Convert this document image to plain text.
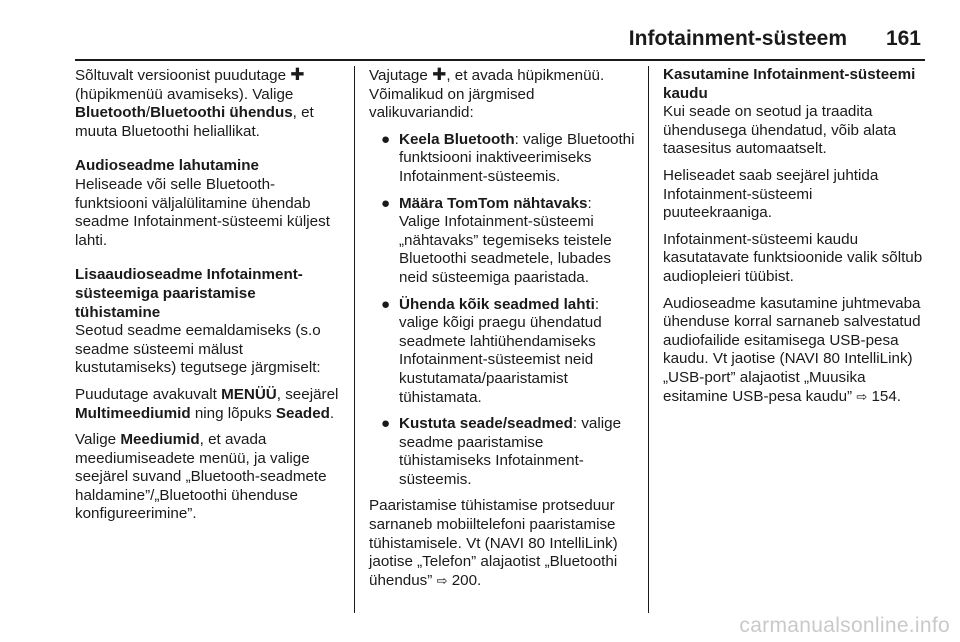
Infotainment-süsteem 161

Sõltuvalt versioonist puudutage ✚ (hüpikmenüü avamiseks). Valige Bluetooth/Bluetoothi ühendus, et muuta Bluetoothi heliallikat.

Audioseadme lahutamine
Heliseade või selle Bluetooth-funktsiooni väljalülitamine ühendab seadme Infotainment-süsteemi küljest lahti.

Lisaaudioseadme Infotainment-süsteemiga paaristamise tühistamine
Seotud seadme eemaldamiseks (s.o seadme süsteemi mälust kustutamiseks) tegutsege järgmiselt:

Puudutage avakuvalt MENÜÜ, seejärel Multimeediumid ning lõpuks Seaded.

Valige Meediumid, et avada meediumiseadete menüü, ja valige seejärel suvand „Bluetooth-seadmete haldamine”/„Bluetoothi ühenduse konfigureerimine”.

Vajutage ✚, et avada hüpikmenüü. Võimalikud on järgmised valikuvariandid:

● Keela Bluetooth: valige Bluetoothi funktsiooni inaktiveerimiseks Infotainment-süsteemis.
● Määra TomTom nähtavaks: Valige Infotainment-süsteemi „nähtavaks” tegemiseks teistele Bluetoothi seadmetele, lubades neid süsteemiga paaristada.
● Ühenda kõik seadmed lahti: valige kõigi praegu ühendatud seadmete lahtiühendamiseks Infotainment-süsteemist neid kustutamata/paaristamist tühistamata.
● Kustuta seade/seadmed: valige seadme paaristamise tühistamiseks Infotainment-süsteemis.

Paaristamise tühistamise protseduur sarnaneb mobiiltelefoni paaristamise tühistamisele. Vt (NAVI 80 IntelliLink) jaotise „Telefon” alajaotist „Bluetoothi ühendus” ⇨ 200.

Kasutamine Infotainment-süsteemi kaudu
Kui seade on seotud ja traadita ühendusega ühendatud, võib alata taasesitus automaatselt.

Heliseadet saab seejärel juhtida Infotainment-süsteemi puuteekraaniga.

Infotainment-süsteemi kaudu kasutatavate funktsioonide valik sõltub audiopleieri tüübist.

Audioseadme kasutamine juhtmevaba ühenduse korral sarnaneb salvestatud audiofailide esitamisega USB-pesa kaudu. Vt jaotise (NAVI 80 IntelliLink) „USB-port” alajaotist „Muusika esitamine USB-pesa kaudu” ⇨ 154.

carmanualsonline.info
